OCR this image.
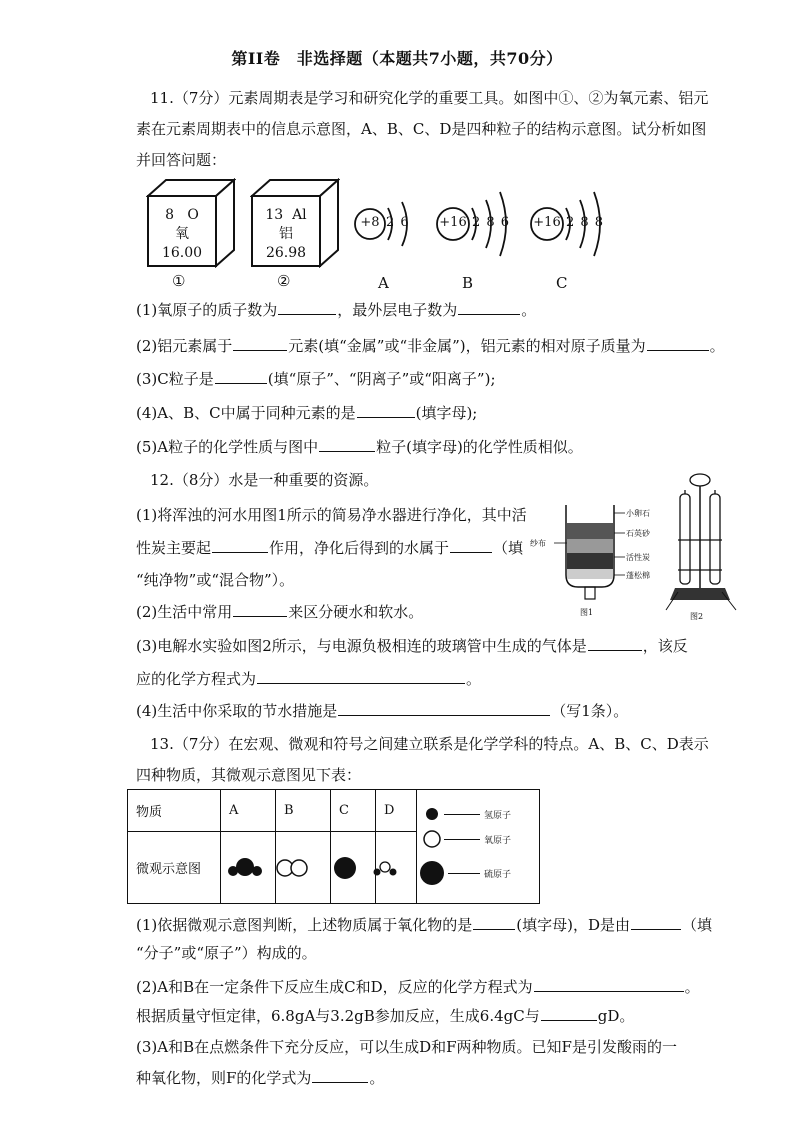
第II卷　非选择题（本题共7小题，共70分）
11.（7分）元素周期表是学习和研究化学的重要工具。如图中①、②为氧元素、铝元
素在元素周期表中的信息示意图，A、B、C、D是四种粒子的结构示意图。试分析如图
并回答问题：
8 O
氧
16.00
①
13 Al
铝
26.98
②
+8 2 6
A
+16 2 8 6
B
+16 2 8 8
C
(1)氧原子的质子数为	，最外层电子数为	。
(2)铝元素属于	元素(填“金属”或“非金属”)，铝元素的相对原子质量为	。
(3)C粒子是	(填“原子”、“阴离子”或“阳离子”);
(4)A、B、C中属于同种元素的是	(填字母);
(5)A粒子的化学性质与图中	粒子(填字母)的化学性质相似。
12.（8分）水是一种重要的资源。
(1)将浑浊的河水用图1所示的简易净水器进行净化，其中活
性炭主要起	作用，净化后得到的水属于	（填
“纯净物”或“混合物”）。
(2)生活中常用	来区分硬水和软水。
(3)电解水实验如图2所示，与电源负极相连的玻璃管中生成的气体是	，该反
应的化学方程式为	。
(4)生活中你采取的节水措施是	（写1条）。
纱布
小卵石
石英砂
活性炭
蓬松棉
图1	图2
13.（7分）在宏观、微观和符号之间建立联系是化学学科的特点。A、B、C、D表示
四种物质，其微观示意图见下表：
物质	A	B	C	D	
微观示意图					
氢原子
氧原子
硫原子
(1)依据微观示意图判断，上述物质属于氧化物的是	(填字母)，D是由	（填
“分子”或“原子”）构成的。
(2)A和B在一定条件下反应生成C和D，反应的化学方程式为	。
根据质量守恒定律，6.8gA与3.2gB参加反应，生成6.4gC与	gD。
(3)A和B在点燃条件下充分反应，可以生成D和F两种物质。已知F是引发酸雨的一
种氧化物，则F的化学式为	。
